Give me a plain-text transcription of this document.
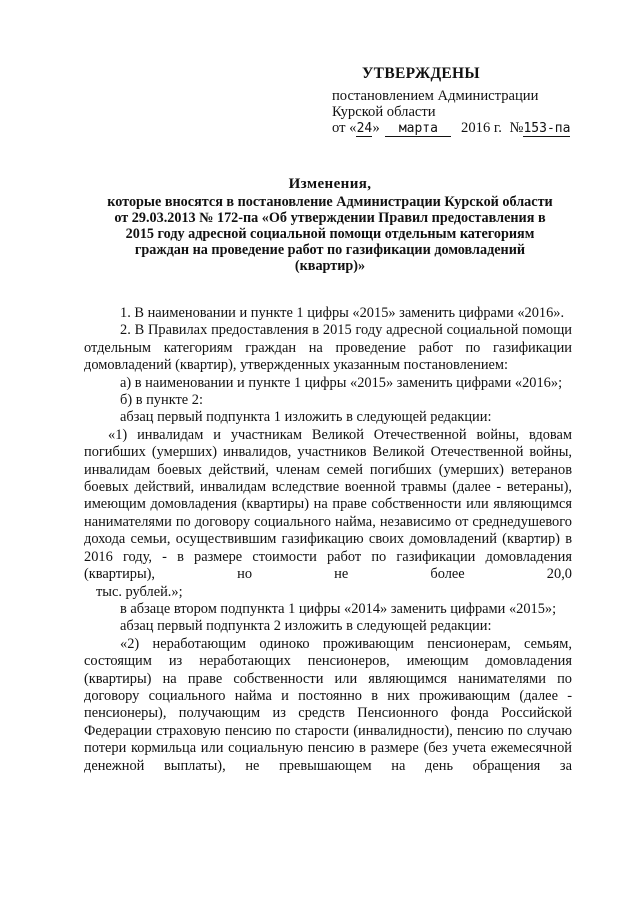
УТВЕРЖДЕНЫ
постановлением Администрации
Курской области
от «24» марта 2016 г. №153-па
Изменения,
которые вносятся в постановление Администрации Курской области
от 29.03.2013 № 172-па «Об утверждении Правил предоставления в
2015 году адресной социальной помощи отдельным категориям
граждан на проведение работ по газификации домовладений
(квартир)»

1. В наименовании и пункте 1 цифры «2015» заменить цифрами «2016».

2. В Правилах предоставления в 2015 году адресной социальной помощи отдельным категориям граждан на проведение работ по газификации домовладений (квартир), утвержденных указанным постановлением:

а) в наименовании и пункте 1 цифры «2015» заменить цифрами «2016»;

б) в пункте 2:

абзац первый подпункта 1 изложить в следующей редакции:

«1) инвалидам и участникам Великой Отечественной войны, вдовам погибших (умерших) инвалидов, участников Великой Отечественной войны, инвалидам боевых действий, членам семей погибших (умерших) ветеранов боевых действий, инвалидам вследствие военной травмы (далее - ветераны), имеющим домовладения (квартиры) на праве собственности или являющимся нанимателями по договору социального найма, независимо от среднедушевого дохода семьи, осуществившим газификацию своих домовладений (квартир) в 2016 году, - в размере стоимости работ по газификации домовладения (квартиры), но не более 20,0

тыс. рублей.»;

в абзаце втором подпункта 1 цифры «2014» заменить цифрами «2015»;

абзац первый подпункта 2 изложить в следующей редакции:

«2) неработающим одиноко проживающим пенсионерам, семьям, состоящим из неработающих пенсионеров, имеющим домовладения (квартиры) на праве собственности или являющимся нанимателями по договору социального найма и постоянно в них проживающим (далее - пенсионеры), получающим из средств Пенсионного фонда Российской Федерации страховую пенсию по старости (инвалидности), пенсию по случаю потери кормильца или социальную пенсию в размере (без учета ежемесячной денежной выплаты), не превышающем на день обращения за
